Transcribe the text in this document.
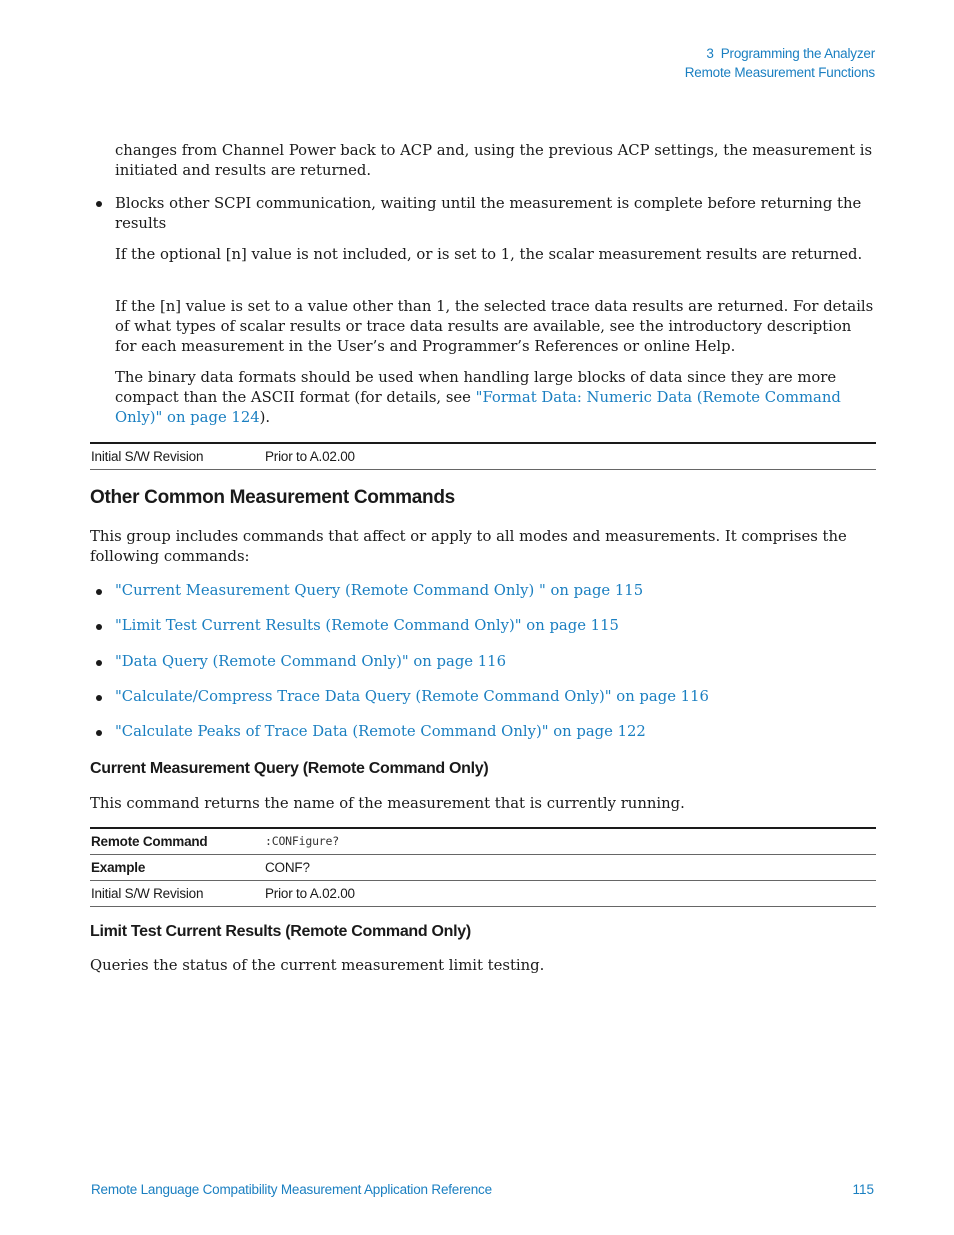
3  Programming the Analyzer
Remote Measurement Functions
changes from Channel Power back to ACP and, using the previous ACP settings, the measurement is initiated and results are returned.
Blocks other SCPI communication, waiting until the measurement is complete before returning the results
If the optional [n] value is not included, or is set to 1, the scalar measurement results are returned.
If the [n] value is set to a value other than 1, the selected trace data results are returned. For details of what types of scalar results or trace data results are available, see the introductory description for each measurement in the User’s and Programmer’s References or online Help.
The binary data formats should be used when handling large blocks of data since they are more compact than the ASCII format (for details, see "Format Data: Numeric Data (Remote Command Only)" on page 124).
Initial S/W Revision	Prior to A.02.00
Other Common Measurement Commands
This group includes commands that affect or apply to all modes and measurements. It comprises the following commands:
"Current Measurement Query (Remote Command Only) " on page 115
"Limit Test Current Results (Remote Command Only)" on page 115
"Data Query (Remote Command Only)" on page 116
"Calculate/Compress Trace Data Query (Remote Command Only)" on page 116
"Calculate Peaks of Trace Data (Remote Command Only)" on page 122
Current Measurement Query (Remote Command Only)
This command returns the name of the measurement that is currently running.
Remote Command	:CONFigure?
Example	CONF?
Initial S/W Revision	Prior to A.02.00
Limit Test Current Results (Remote Command Only)
Queries the status of the current measurement limit testing.
Remote Language Compatibility Measurement Application Reference	115
